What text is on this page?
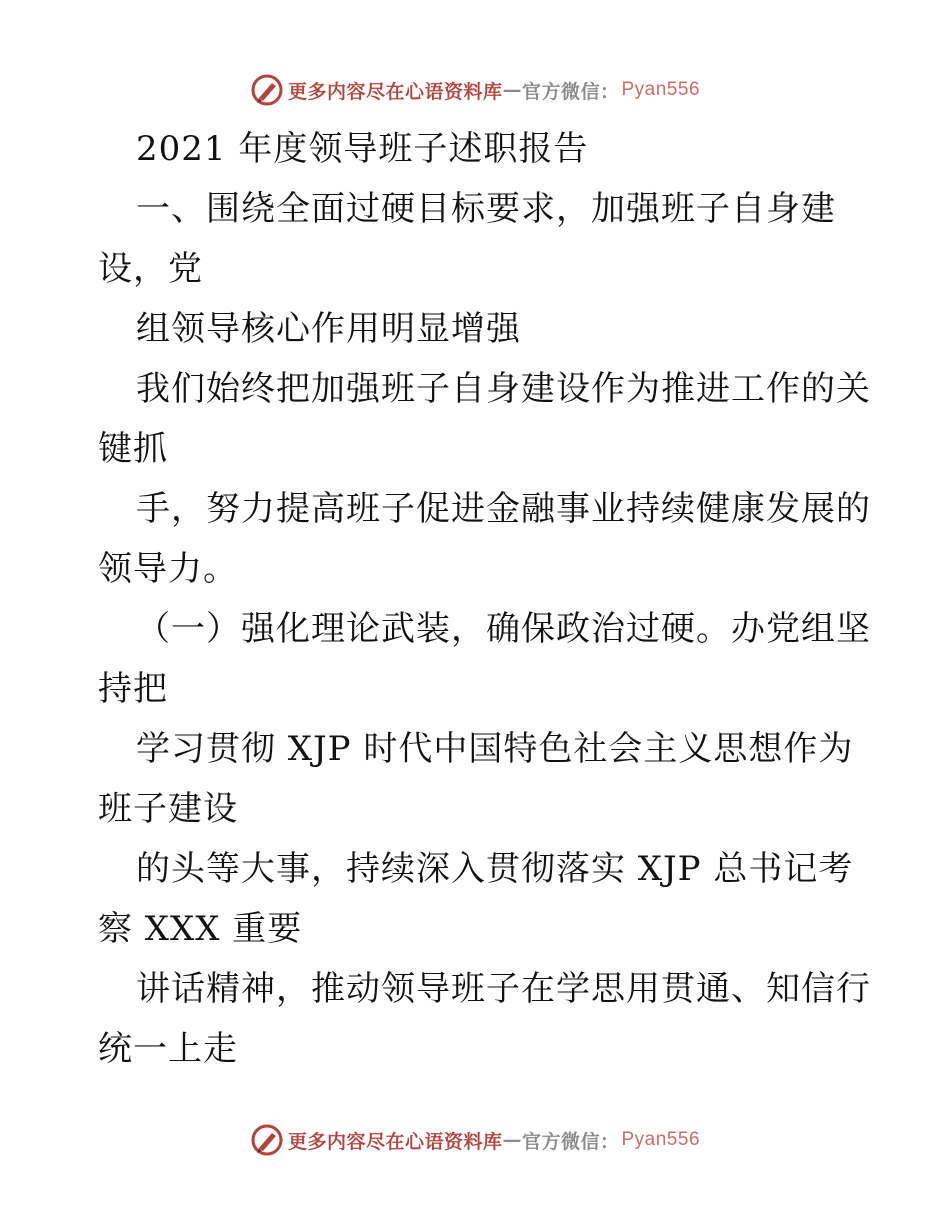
更多内容尽在心语资料库 — 官方微信： Pyan556
2021 年度领导班子述职报告
一、围绕全面过硬目标要求，加强班子自身建
设，党
组领导核心作用明显增强
我们始终把加强班子自身建设作为推进工作的关
键抓
手，努力提高班子促进金融事业持续健康发展的
领导力。
（一）强化理论武装，确保政治过硬。办党组坚
持把
学习贯彻 XJP 时代中国特色社会主义思想作为
班子建设
的头等大事，持续深入贯彻落实 XJP 总书记考
察 XXX 重要
讲话精神，推动领导班子在学思用贯通、知信行
统一上走
更多内容尽在心语资料库 — 官方微信： Pyan556
